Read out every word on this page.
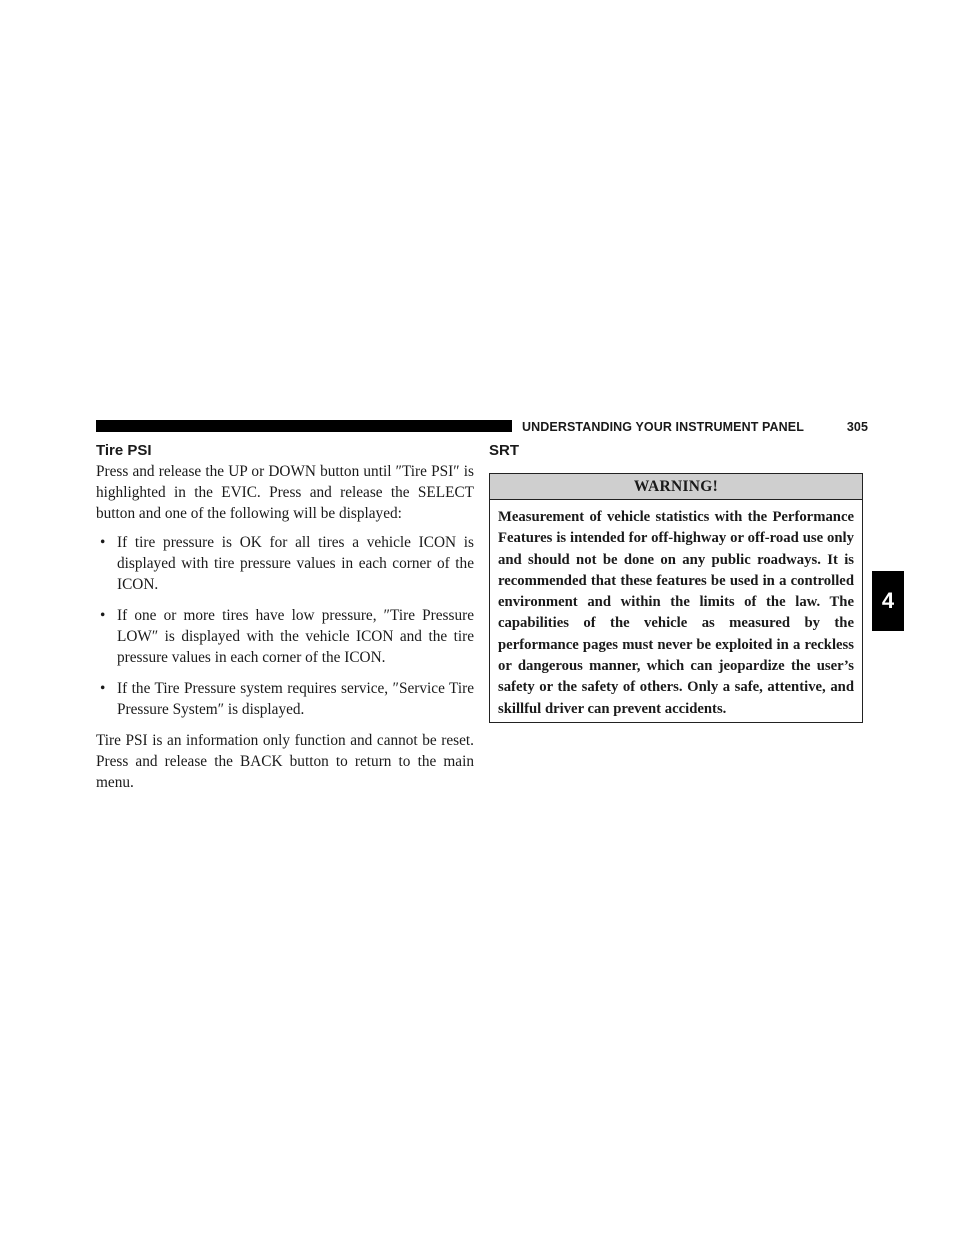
UNDERSTANDING YOUR INSTRUMENT PANEL	305
Tire PSI

Press and release the UP or DOWN button until ″Tire PSI″ is highlighted in the EVIC. Press and release the SELECT button and one of the following will be displayed:

• If tire pressure is OK for all tires a vehicle ICON is displayed with tire pressure values in each corner of the ICON.
• If one or more tires have low pressure, ″Tire Pressure LOW″ is displayed with the vehicle ICON and the tire pressure values in each corner of the ICON.
• If the Tire Pressure system requires service, ″Service Tire Pressure System″ is displayed.

Tire PSI is an information only function and cannot be reset. Press and release the BACK button to return to the main menu.

SRT
WARNING!
Measurement of vehicle statistics with the Performance Features is intended for off-highway or off-road use only and should not be done on any public roadways. It is recommended that these features be used in a controlled environment and within the limits of the law. The capabilities of the vehicle as measured by the performance pages must never be exploited in a reckless or dangerous manner, which can jeopardize the user’s safety or the safety of others. Only a safe, attentive, and skillful driver can prevent accidents.
4
